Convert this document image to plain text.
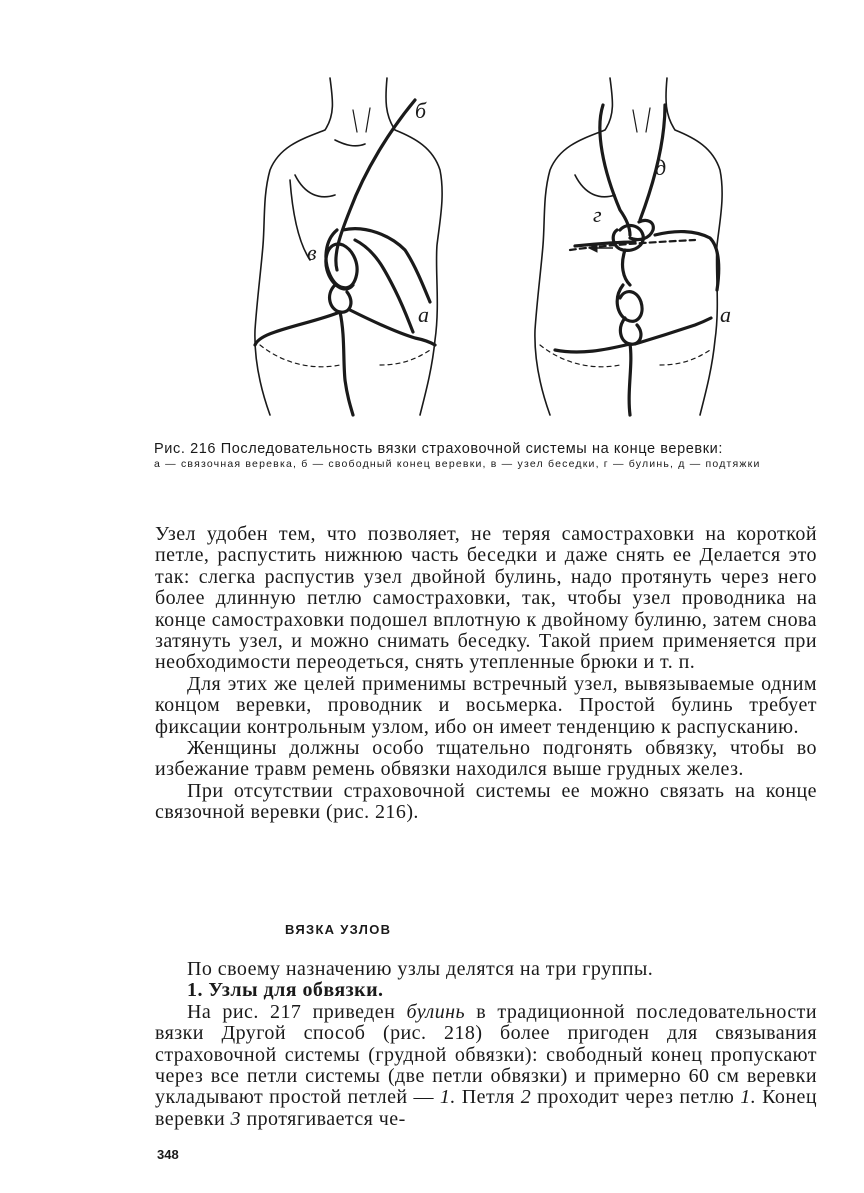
б
в
а
д
г
а
Рис. 216 Последовательность вязки страховочной системы на конце веревки:
а — связочная веревка, б — свободный конец веревки, в — узел беседки, г — булинь, д — подтяжки

Узел удобен тем, что позволяет, не теряя самостраховки на короткой петле, распустить нижнюю часть беседки и даже снять ее Делается это так: слегка распустив узел двойной булинь, надо протянуть через него более длинную петлю самостраховки, так, чтобы узел проводника на конце самостраховки подошел вплотную к двойному булиню, затем снова затянуть узел, и можно снимать беседку. Такой прием применяется при необходимости переодеться, снять утепленные брюки и т. п.

Для этих же целей применимы встречный узел, вывязываемые одним концом веревки, проводник и восьмерка. Простой булинь требует фиксации контрольным узлом, ибо он имеет тенденцию к распусканию.

Женщины должны особо тщательно подгонять обвязку, чтобы во избежание травм ремень обвязки находился выше грудных желез.

При отсутствии страховочной системы ее можно связать на конце связочной веревки (рис. 216).

ВЯЗКА УЗЛОВ

По своему назначению узлы делятся на три группы.

1. Узлы для обвязки.

На рис. 217 приведен булинь в традиционной последовательности вязки Другой способ (рис. 218) более пригоден для связывания страховочной системы (грудной обвязки): свободный конец пропускают через все петли системы (две петли обвязки) и примерно 60 см веревки укладывают простой петлей — 1. Петля 2 проходит через петлю 1. Конец веревки 3 протягивается че-

348
